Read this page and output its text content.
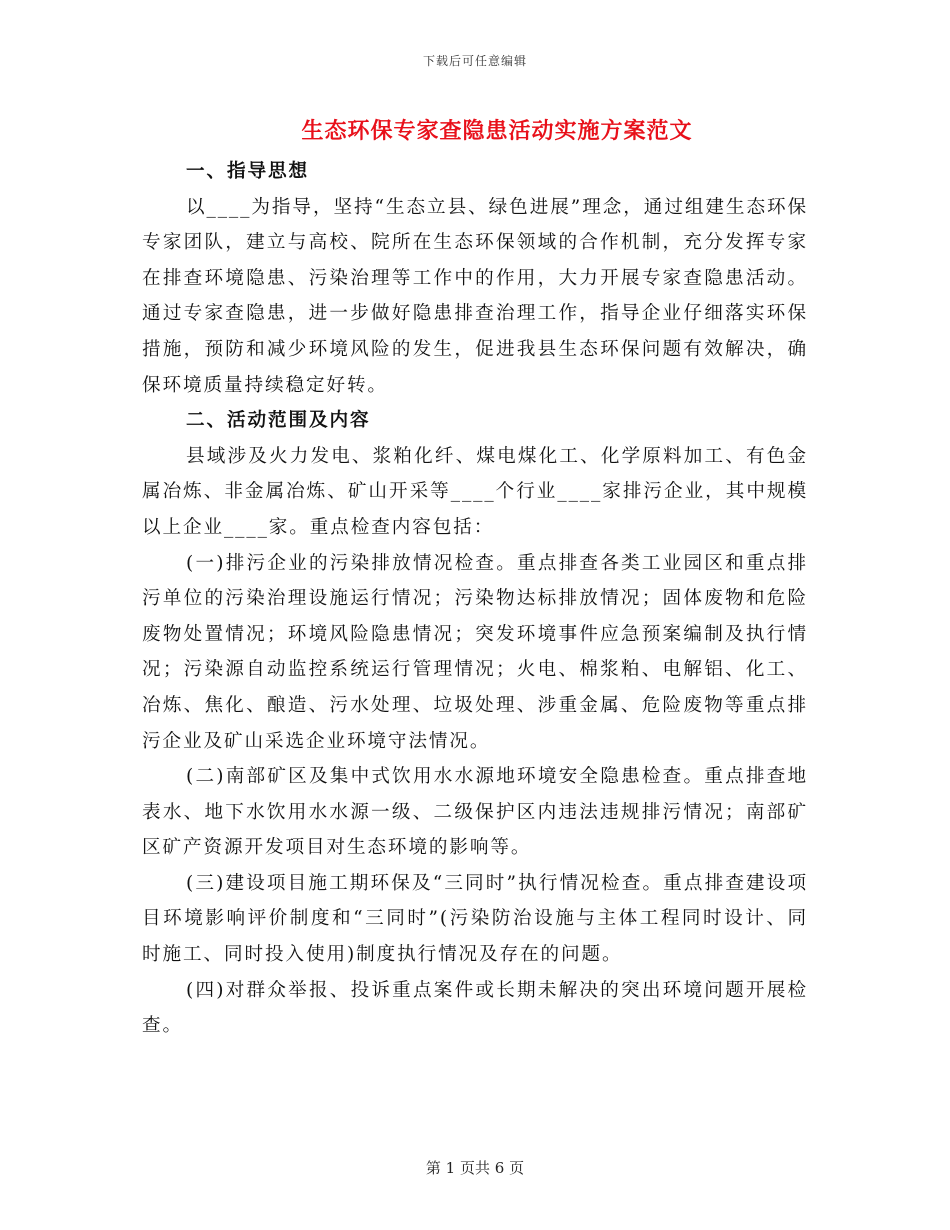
下载后可任意编辑
生态环保专家查隐患活动实施方案范文

一、指导思想

以____为指导，坚持“生态立县、绿色进展”理念，通过组建生态环保专家团队，建立与高校、院所在生态环保领域的合作机制，充分发挥专家在排查环境隐患、污染治理等工作中的作用，大力开展专家查隐患活动。通过专家查隐患，进一步做好隐患排查治理工作，指导企业仔细落实环保措施，预防和减少环境风险的发生，促进我县生态环保问题有效解决，确保环境质量持续稳定好转。

二、活动范围及内容

县域涉及火力发电、浆粕化纤、煤电煤化工、化学原料加工、有色金属冶炼、非金属冶炼、矿山开采等____个行业____家排污企业，其中规模以上企业____家。重点检查内容包括：

(一)排污企业的污染排放情况检查。重点排查各类工业园区和重点排污单位的污染治理设施运行情况；污染物达标排放情况；固体废物和危险废物处置情况；环境风险隐患情况；突发环境事件应急预案编制及执行情况；污染源自动监控系统运行管理情况；火电、棉浆粕、电解铝、化工、冶炼、焦化、酿造、污水处理、垃圾处理、涉重金属、危险废物等重点排污企业及矿山采选企业环境守法情况。

(二)南部矿区及集中式饮用水水源地环境安全隐患检查。重点排查地表水、地下水饮用水水源一级、二级保护区内违法违规排污情况；南部矿区矿产资源开发项目对生态环境的影响等。

(三)建设项目施工期环保及“三同时”执行情况检查。重点排查建设项目环境影响评价制度和“三同时”(污染防治设施与主体工程同时设计、同时施工、同时投入使用)制度执行情况及存在的问题。

(四)对群众举报、投诉重点案件或长期未解决的突出环境问题开展检查。

第 1 页共 6 页
